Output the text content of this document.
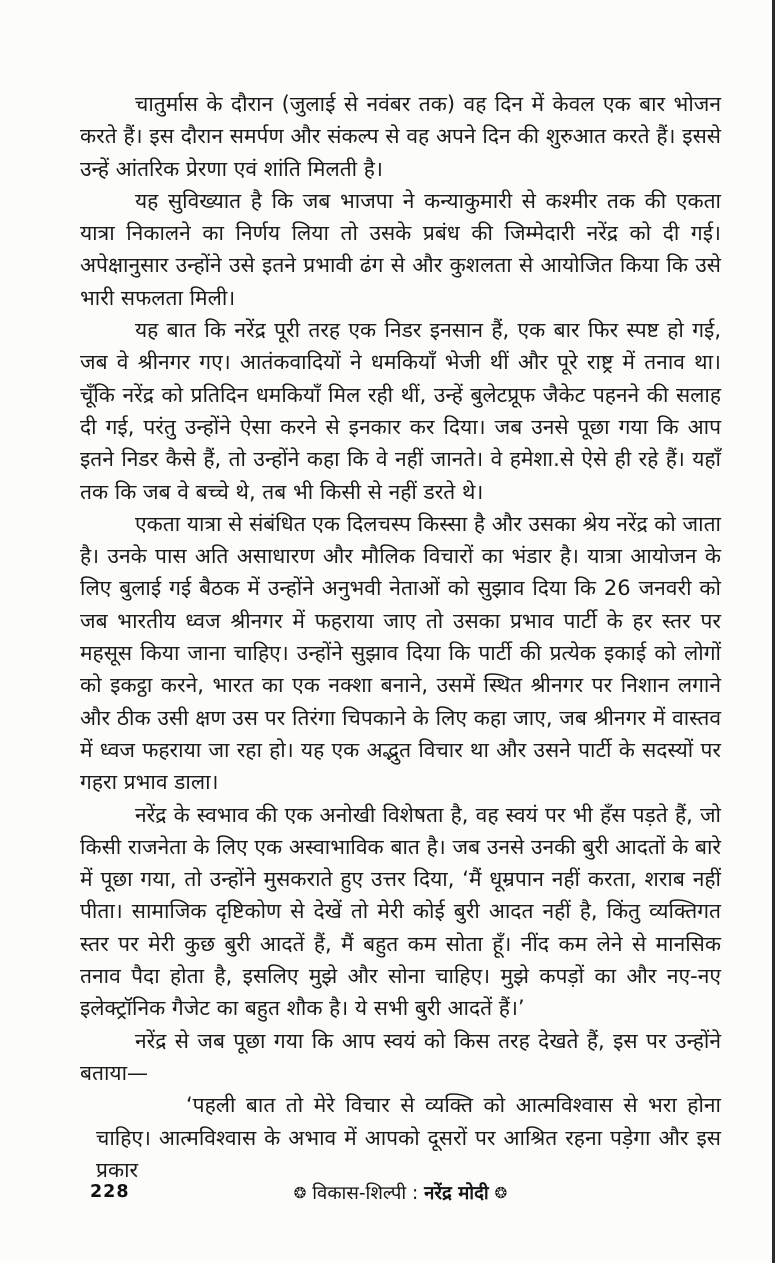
चातुर्मास के दौरान (जुलाई से नवंबर तक) वह दिन में केवल एक बार भोजन करते हैं। इस दौरान समर्पण और संकल्प से वह अपने दिन की शुरुआत करते हैं। इससे उन्हें आंतरिक प्रेरणा एवं शांति मिलती है।

यह सुविख्यात है कि जब भाजपा ने कन्याकुमारी से कश्मीर तक की एकता यात्रा निकालने का निर्णय लिया तो उसके प्रबंध की जिम्मेदारी नरेंद्र को दी गई। अपेक्षानुसार उन्होंने उसे इतने प्रभावी ढंग से और कुशलता से आयोजित किया कि उसे भारी सफलता मिली।

यह बात कि नरेंद्र पूरी तरह एक निडर इनसान हैं, एक बार फिर स्पष्ट हो गई, जब वे श्रीनगर गए। आतंकवादियों ने धमकियाँ भेजी थीं और पूरे राष्ट्र में तनाव था। चूँकि नरेंद्र को प्रतिदिन धमकियाँ मिल रही थीं, उन्हें बुलेटप्रूफ जैकेट पहनने की सलाह दी गई, परंतु उन्होंने ऐसा करने से इनकार कर दिया। जब उनसे पूछा गया कि आप इतने निडर कैसे हैं, तो उन्होंने कहा कि वे नहीं जानते। वे हमेशा.से ऐसे ही रहे हैं। यहाँ तक कि जब वे बच्चे थे, तब भी किसी से नहीं डरते थे।

एकता यात्रा से संबंधित एक दिलचस्प किस्सा है और उसका श्रेय नरेंद्र को जाता है। उनके पास अति असाधारण और मौलिक विचारों का भंडार है। यात्रा आयोजन के लिए बुलाई गई बैठक में उन्होंने अनुभवी नेताओं को सुझाव दिया कि 26 जनवरी को जब भारतीय ध्वज श्रीनगर में फहराया जाए तो उसका प्रभाव पार्टी के हर स्तर पर महसूस किया जाना चाहिए। उन्होंने सुझाव दिया कि पार्टी की प्रत्येक इकाई को लोगों को इकट्ठा करने, भारत का एक नक्शा बनाने, उसमें स्थित श्रीनगर पर निशान लगाने और ठीक उसी क्षण उस पर तिरंगा चिपकाने के लिए कहा जाए, जब श्रीनगर में वास्तव में ध्वज फहराया जा रहा हो। यह एक अद्भुत विचार था और उसने पार्टी के सदस्यों पर गहरा प्रभाव डाला।

नरेंद्र के स्वभाव की एक अनोखी विशेषता है, वह स्वयं पर भी हँस पड़ते हैं, जो किसी राजनेता के लिए एक अस्वाभाविक बात है। जब उनसे उनकी बुरी आदतों के बारे में पूछा गया, तो उन्होंने मुसकराते हुए उत्तर दिया, ‘मैं धूम्रपान नहीं करता, शराब नहीं पीता। सामाजिक दृष्टिकोण से देखें तो मेरी कोई बुरी आदत नहीं है, किंतु व्यक्तिगत स्तर पर मेरी कुछ बुरी आदतें हैं, मैं बहुत कम सोता हूँ। नींद कम लेने से मानसिक तनाव पैदा होता है, इसलिए मुझे और सोना चाहिए। मुझे कपड़ों का और नए-नए इलेक्ट्रॉनिक गैजेट का बहुत शौक है। ये सभी बुरी आदतें हैं।’

नरेंद्र से जब पूछा गया कि आप स्वयं को किस तरह देखते हैं, इस पर उन्होंने बताया—

‘पहली बात तो मेरे विचार से व्यक्ति को आत्मविश्वास से भरा होना चाहिए। आत्मविश्वास के अभाव में आपको दूसरों पर आश्रित रहना पड़ेगा और इस प्रकार

228	❂ विकास-शिल्पी : नरेंद्र मोदी ❂
